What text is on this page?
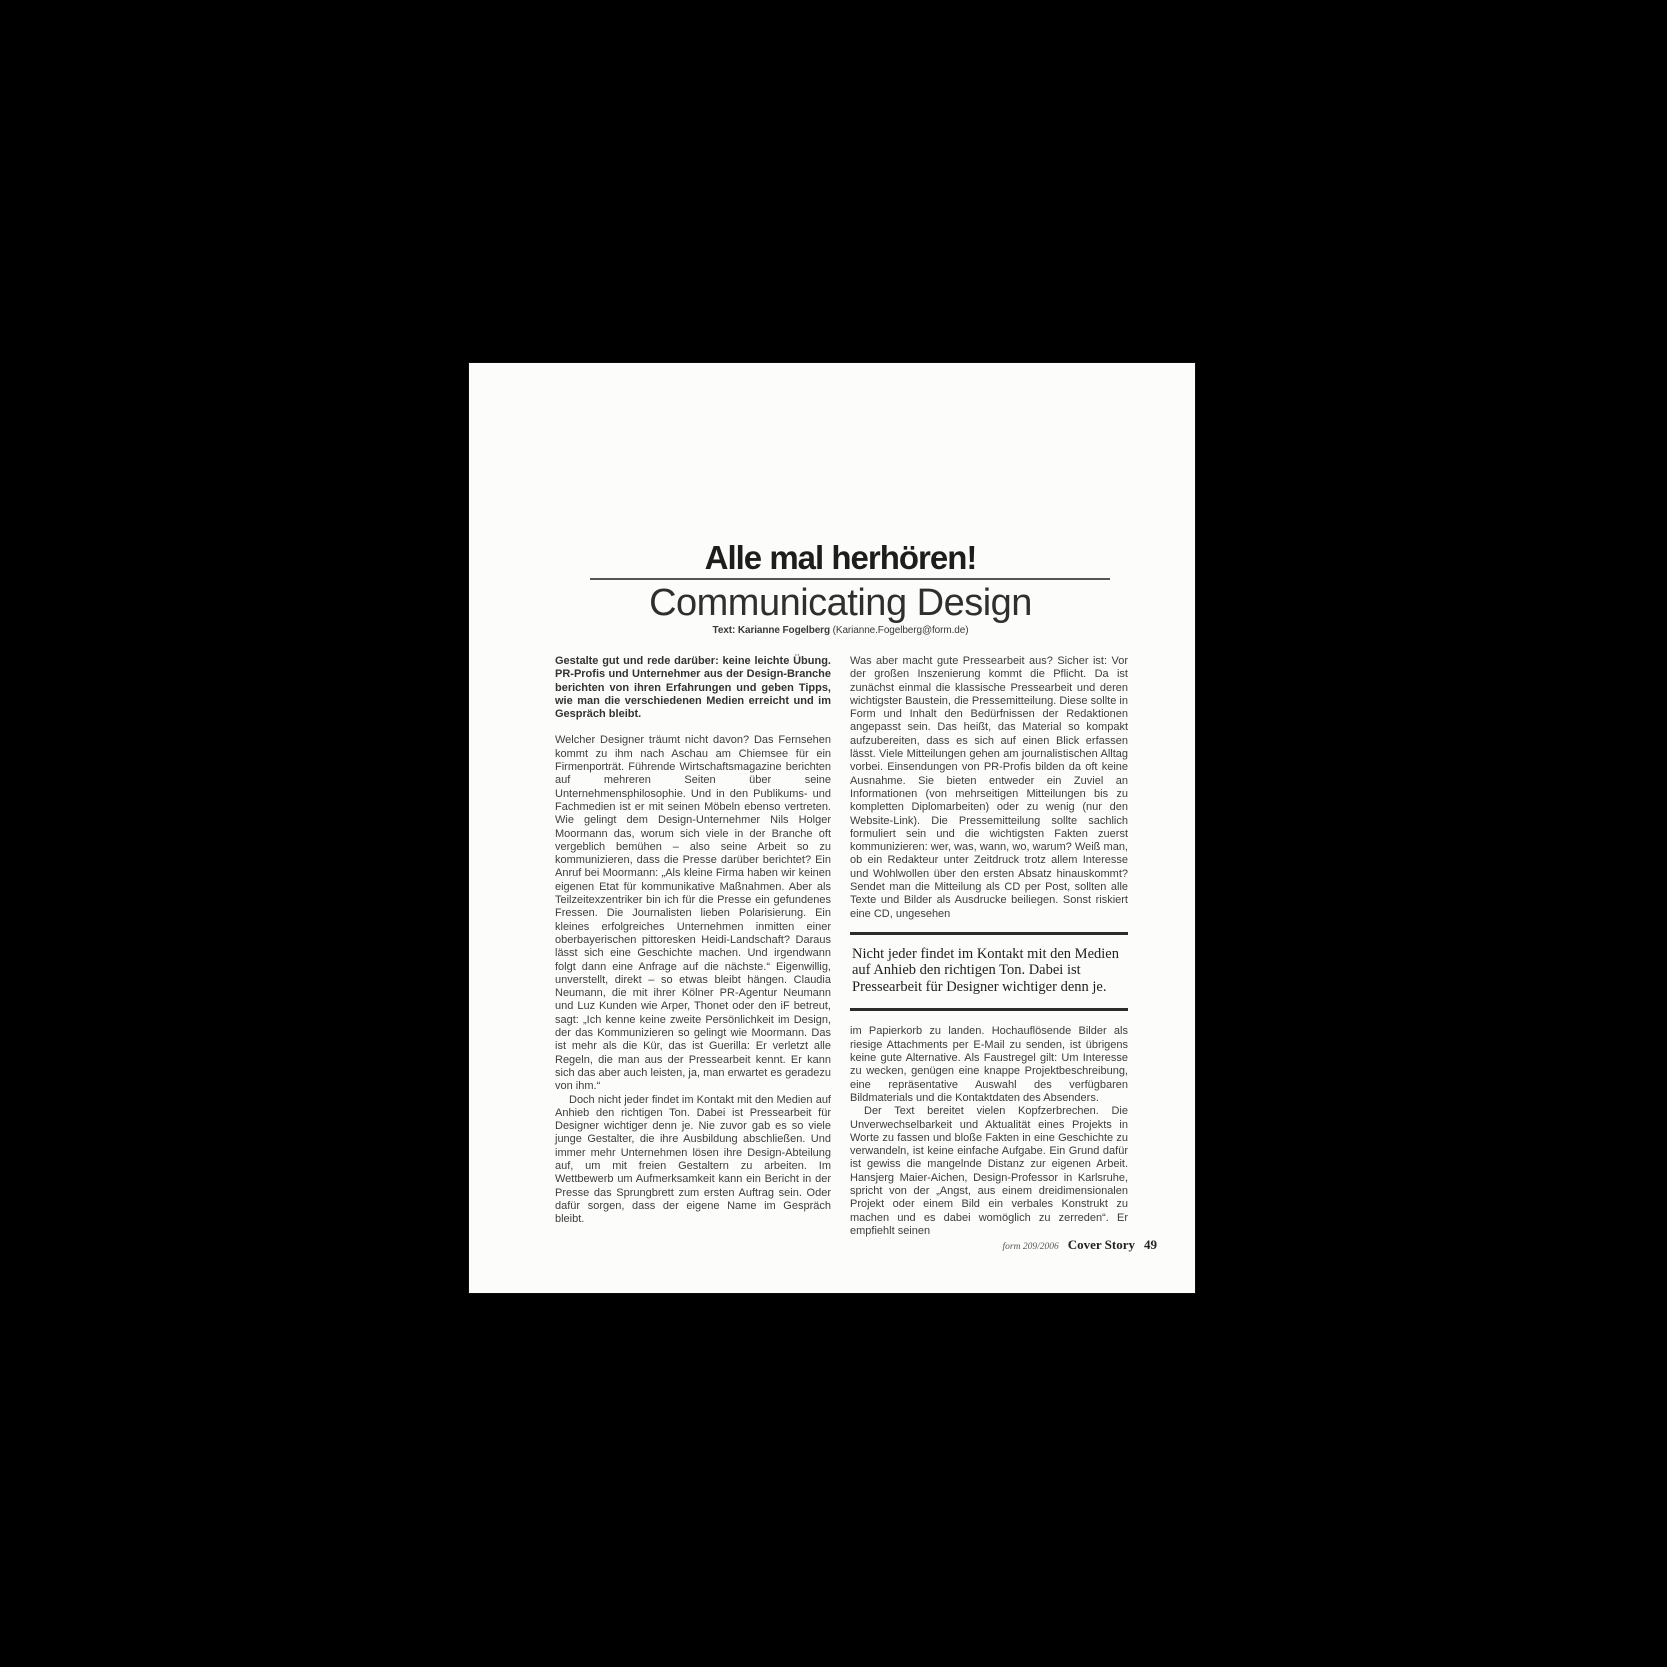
Alle mal herhören!
Communicating Design
Text: Karianne Fogelberg (Karianne.Fogelberg@form.de)

Gestalte gut und rede darüber: keine leichte Übung. PR-Profis und Unternehmer aus der Design-Branche berichten von ihren Erfahrungen und geben Tipps, wie man die verschiedenen Medien erreicht und im Gespräch bleibt.

Welcher Designer träumt nicht davon? Das Fernsehen kommt zu ihm nach Aschau am Chiemsee für ein Firmenporträt. Führende Wirtschaftsmagazine berichten auf mehreren Seiten über seine Unternehmensphilosophie. Und in den Publikums- und Fachmedien ist er mit seinen Möbeln ebenso vertreten. Wie gelingt dem Design-Unternehmer Nils Holger Moormann das, worum sich viele in der Branche oft vergeblich bemühen – also seine Arbeit so zu kommunizieren, dass die Presse darüber berichtet? Ein Anruf bei Moormann: „Als kleine Firma haben wir keinen eigenen Etat für kommunikative Maßnahmen. Aber als Teilzeitexzentriker bin ich für die Presse ein gefundenes Fressen. Die Journalisten lieben Polarisierung. Ein kleines erfolgreiches Unternehmen inmitten einer oberbayerischen pittoresken Heidi-Landschaft? Daraus lässt sich eine Geschichte machen. Und irgendwann folgt dann eine Anfrage auf die nächste.“ Eigenwillig, unverstellt, direkt – so etwas bleibt hängen. Claudia Neumann, die mit ihrer Kölner PR-Agentur Neumann und Luz Kunden wie Arper, Thonet oder den iF betreut, sagt: „Ich kenne keine zweite Persönlichkeit im Design, der das Kommunizieren so gelingt wie Moormann. Das ist mehr als die Kür, das ist Guerilla: Er verletzt alle Regeln, die man aus der Pressearbeit kennt. Er kann sich das aber auch leisten, ja, man erwartet es geradezu von ihm.“

Doch nicht jeder findet im Kontakt mit den Medien auf Anhieb den richtigen Ton. Dabei ist Pressearbeit für Designer wichtiger denn je. Nie zuvor gab es so viele junge Gestalter, die ihre Ausbildung abschließen. Und immer mehr Unternehmen lösen ihre Design-Abteilung auf, um mit freien Gestaltern zu arbeiten. Im Wettbewerb um Aufmerksamkeit kann ein Bericht in der Presse das Sprungbrett zum ersten Auftrag sein. Oder dafür sorgen, dass der eigene Name im Gespräch bleibt.

Was aber macht gute Pressearbeit aus? Sicher ist: Vor der großen Inszenierung kommt die Pflicht. Da ist zunächst einmal die klassische Pressearbeit und deren wichtigster Baustein, die Pressemitteilung. Diese sollte in Form und Inhalt den Bedürfnissen der Redaktionen angepasst sein. Das heißt, das Material so kompakt aufzubereiten, dass es sich auf einen Blick erfassen lässt. Viele Mitteilungen gehen am journalistischen Alltag vorbei. Einsendungen von PR-Profis bilden da oft keine Ausnahme. Sie bieten entweder ein Zuviel an Informationen (von mehrseitigen Mitteilungen bis zu kompletten Diplomarbeiten) oder zu wenig (nur den Website-Link). Die Pressemitteilung sollte sachlich formuliert sein und die wichtigsten Fakten zuerst kommunizieren: wer, was, wann, wo, warum? Weiß man, ob ein Redakteur unter Zeitdruck trotz allem Interesse und Wohlwollen über den ersten Absatz hinauskommt? Sendet man die Mitteilung als CD per Post, sollten alle Texte und Bilder als Ausdrucke beiliegen. Sonst riskiert eine CD, ungesehen

Nicht jeder findet im Kontakt mit den Medien auf Anhieb den richtigen Ton. Dabei ist Pressearbeit für Designer wichtiger denn je.

im Papierkorb zu landen. Hochauflösende Bilder als riesige Attachments per E-Mail zu senden, ist übrigens keine gute Alternative. Als Faustregel gilt: Um Interesse zu wecken, genügen eine knappe Projektbeschreibung, eine repräsentative Auswahl des verfügbaren Bildmaterials und die Kontaktdaten des Absenders.

Der Text bereitet vielen Kopfzerbrechen. Die Unverwechselbarkeit und Aktualität eines Projekts in Worte zu fassen und bloße Fakten in eine Geschichte zu verwandeln, ist keine einfache Aufgabe. Ein Grund dafür ist gewiss die mangelnde Distanz zur eigenen Arbeit. Hansjerg Maier-Aichen, Design-Professor in Karlsruhe, spricht von der „Angst, aus einem dreidimensionalen Projekt oder einem Bild ein verbales Konstrukt zu machen und es dabei womöglich zu zerreden“. Er empfiehlt seinen

form 209/2006 Cover Story 49
